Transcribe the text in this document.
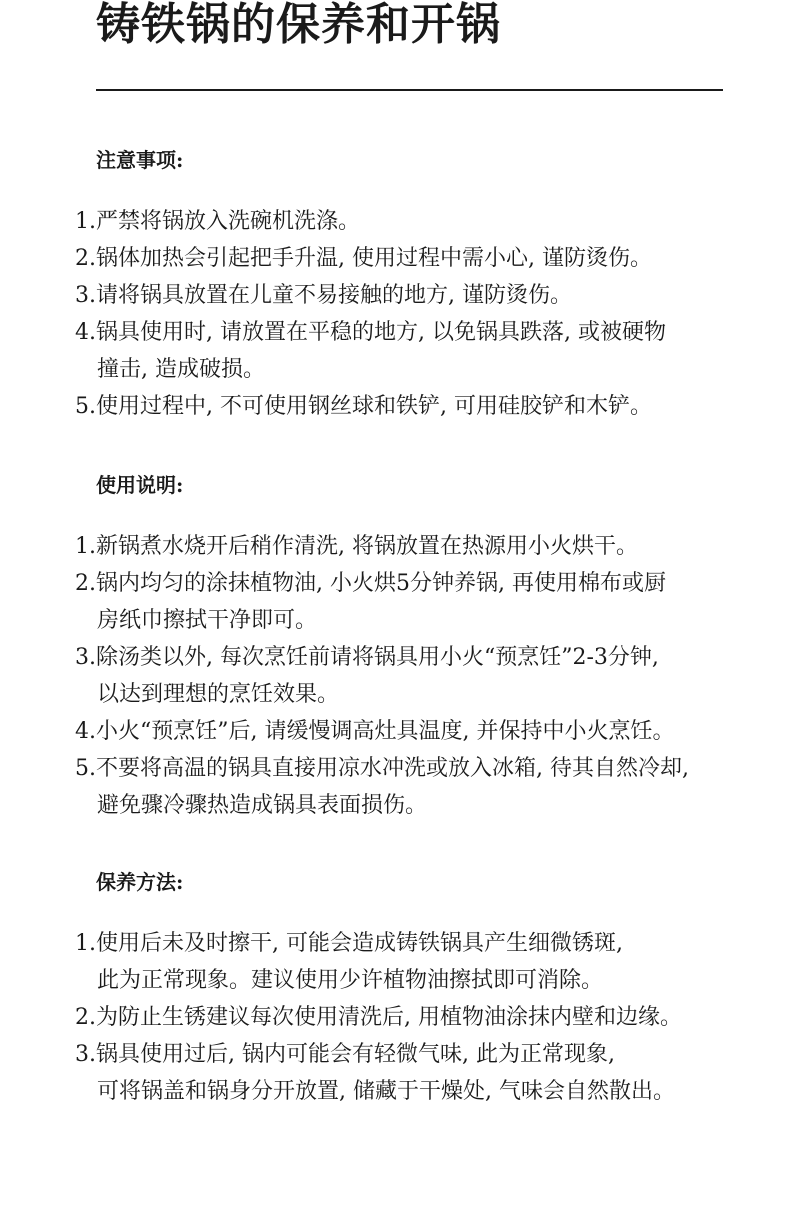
铸铁锅的保养和开锅
注意事项:
1. 严禁将锅放入洗碗机洗涤。
2. 锅体加热会引起把手升温, 使用过程中需小心, 谨防烫伤。
3. 请将锅具放置在儿童不易接触的地方, 谨防烫伤。
4. 锅具使用时, 请放置在平稳的地方, 以免锅具跌落, 或被硬物
撞击, 造成破损。
5. 使用过程中, 不可使用钢丝球和铁铲, 可用硅胶铲和木铲。
使用说明:
1. 新锅煮水烧开后稍作清洗, 将锅放置在热源用小火烘干。
2. 锅内均匀的涂抹植物油, 小火烘5分钟养锅, 再使用棉布或厨
房纸巾擦拭干净即可。
3. 除汤类以外, 每次烹饪前请将锅具用小火“预烹饪”2-3分钟,
以达到理想的烹饪效果。
4. 小火“预烹饪”后, 请缓慢调高灶具温度, 并保持中小火烹饪。
5. 不要将高温的锅具直接用凉水冲洗或放入冰箱, 待其自然冷却,
避免骤冷骤热造成锅具表面损伤。
保养方法:
1. 使用后未及时擦干, 可能会造成铸铁锅具产生细微锈斑,
此为正常现象。建议使用少许植物油擦拭即可消除。
2. 为防止生锈建议每次使用清洗后, 用植物油涂抹内壁和边缘。
3. 锅具使用过后, 锅内可能会有轻微气味, 此为正常现象,
可将锅盖和锅身分开放置, 储藏于干燥处, 气味会自然散出。
